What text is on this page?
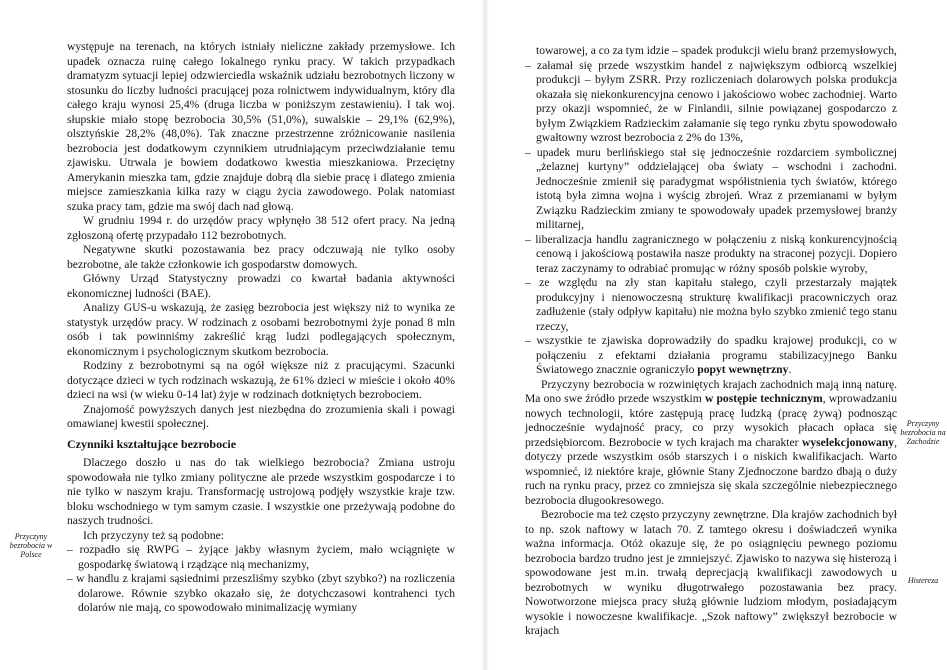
występuje na terenach, na których istniały nieliczne zakłady przemysłowe. Ich upadek oznacza ruinę całego lokalnego rynku pracy. W takich przypadkach dramatyzm sytuacji lepiej odzwierciedla wskaźnik udziału bezrobotnych liczony w stosunku do liczby ludności pracującej poza rolnictwem indywidualnym, który dla całego kraju wynosi 25,4% (druga liczba w poniższym zestawieniu). I tak woj. słupskie miało stopę bezrobocia 30,5% (51,0%), suwalskie – 29,1% (62,9%), olsztyńskie 28,2% (48,0%). Tak znaczne przestrzenne zróżnicowanie nasilenia bezrobocia jest dodatkowym czynnikiem utrudniającym przeciwdziałanie temu zjawisku. Utrwala je bowiem dodatkowo kwestia mieszkaniowa. Przeciętny Amerykanin mieszka tam, gdzie znajduje dobrą dla siebie pracę i dlatego zmienia miejsce zamieszkania kilka razy w ciągu życia zawodowego. Polak natomiast szuka pracy tam, gdzie ma swój dach nad głową.

W grudniu 1994 r. do urzędów pracy wpłynęło 38 512 ofert pracy. Na jedną zgłoszoną ofertę przypadało 112 bezrobotnych.

Negatywne skutki pozostawania bez pracy odczuwają nie tylko osoby bezrobotne, ale także członkowie ich gospodarstw domowych.

Główny Urząd Statystyczny prowadzi co kwartał badania aktywności ekonomicznej ludności (BAE).

Analizy GUS-u wskazują, że zasięg bezrobocia jest większy niż to wynika ze statystyk urzędów pracy. W rodzinach z osobami bezrobotnymi żyje ponad 8 mln osób i tak powinniśmy zakreślić krąg ludzi podlegających społecznym, ekonomicznym i psychologicznym skutkom bezrobocia.

Rodziny z bezrobotnymi są na ogół większe niż z pracującymi. Szacunki dotyczące dzieci w tych rodzinach wskazują, że 61% dzieci w mieście i około 40% dzieci na wsi (w wieku 0-14 lat) żyje w rodzinach dotkniętych bezrobociem.

Znajomość powyższych danych jest niezbędna do zrozumienia skali i powagi omawianej kwestii społecznej.

Czynniki kształtujące bezrobocie

Dlaczego doszło u nas do tak wielkiego bezrobocia? Zmiana ustroju spowodowała nie tylko zmiany polityczne ale przede wszystkim gospodarcze i to nie tylko w naszym kraju. Transformację ustrojową podjęły wszystkie kraje tzw. bloku wschodniego w tym samym czasie. I wszystkie one przeżywają podobne do naszych trudności.

Ich przyczyny też są podobne:

– rozpadło się RWPG – żyjące jakby własnym życiem, mało wciągnięte w gospodarkę światową i rządzące nią mechanizmy,

– w handlu z krajami sąsiednimi przeszliśmy szybko (zbyt szybko?) na rozliczenia dolarowe. Równie szybko okazało się, że dotychczasowi kontrahenci tych dolarów nie mają, co spowodowało minimalizację wymiany

towarowej, a co za tym idzie – spadek produkcji wielu branż przemysłowych,

– załamał się przede wszystkim handel z największym odbiorcą wszelkiej produkcji – byłym ZSRR. Przy rozliczeniach dolarowych polska produkcja okazała się niekonkurencyjna cenowo i jakościowo wobec zachodniej. Warto przy okazji wspomnieć, że w Finlandii, silnie powiązanej gospodarczo z byłym Związkiem Radzieckim załamanie się tego rynku zbytu spowodowało gwałtowny wzrost bezrobocia z 2% do 13%,

– upadek muru berlińskiego stał się jednocześnie rozdarciem symbolicznej „żelaznej kurtyny” oddzielającej oba światy – wschodni i zachodni. Jednocześnie zmienił się paradygmat współistnienia tych światów, którego istotą była zimna wojna i wyścig zbrojeń. Wraz z przemianami w byłym Związku Radzieckim zmiany te spowodowały upadek przemysłowej branży militarnej,

– liberalizacja handlu zagranicznego w połączeniu z niską konkurencyjnością cenową i jakościową postawiła nasze produkty na straconej pozycji. Dopiero teraz zaczynamy to odrabiać promując w różny sposób polskie wyroby,

– ze względu na zły stan kapitału stałego, czyli przestarzały majątek produkcyjny i nienowoczesną strukturę kwalifikacji pracowniczych oraz zadłużenie (stały odpływ kapitału) nie można było szybko zmienić tego stanu rzeczy,

– wszystkie te zjawiska doprowadziły do spadku krajowej produkcji, co w połączeniu z efektami działania programu stabilizacyjnego Banku Światowego znacznie ograniczyło popyt wewnętrzny.

Przyczyny bezrobocia w rozwiniętych krajach zachodnich mają inną naturę. Ma ono swe źródło przede wszystkim w postępie technicznym, wprowadzaniu nowych technologii, które zastępują pracę ludzką (pracę żywą) podnosząc jednocześnie wydajność pracy, co przy wysokich płacach opłaca się przedsiębiorcom. Bezrobocie w tych krajach ma charakter wyselekcjonowany, dotyczy przede wszystkim osób starszych i o niskich kwalifikacjach. Warto wspomnieć, iż niektóre kraje, głównie Stany Zjednoczone bardzo dbają o duży ruch na rynku pracy, przez co zmniejsza się skala szczególnie niebezpiecznego bezrobocia długookresowego.

Bezrobocie ma też często przyczyny zewnętrzne. Dla krajów zachodnich był to np. szok naftowy w latach 70. Z tamtego okresu i doświadczeń wynika ważna informacja. Otóż okazuje się, że po osiągnięciu pewnego poziomu bezrobocia bardzo trudno jest je zmniejszyć. Zjawisko to nazywa się histerozą i spowodowane jest m.in. trwałą deprecjacją kwalifikacji zawodowych u bezrobotnych w wyniku długotrwałego pozostawania bez pracy. Nowotworzone miejsca pracy służą głównie ludziom młodym, posiadającym wysokie i nowoczesne kwalifikacje. „Szok naftowy” zwiększył bezrobocie w krajach

Przyczyny bezrobocia w Polsce
Przyczyny bezrobocia na Zachodzie
Histereza
